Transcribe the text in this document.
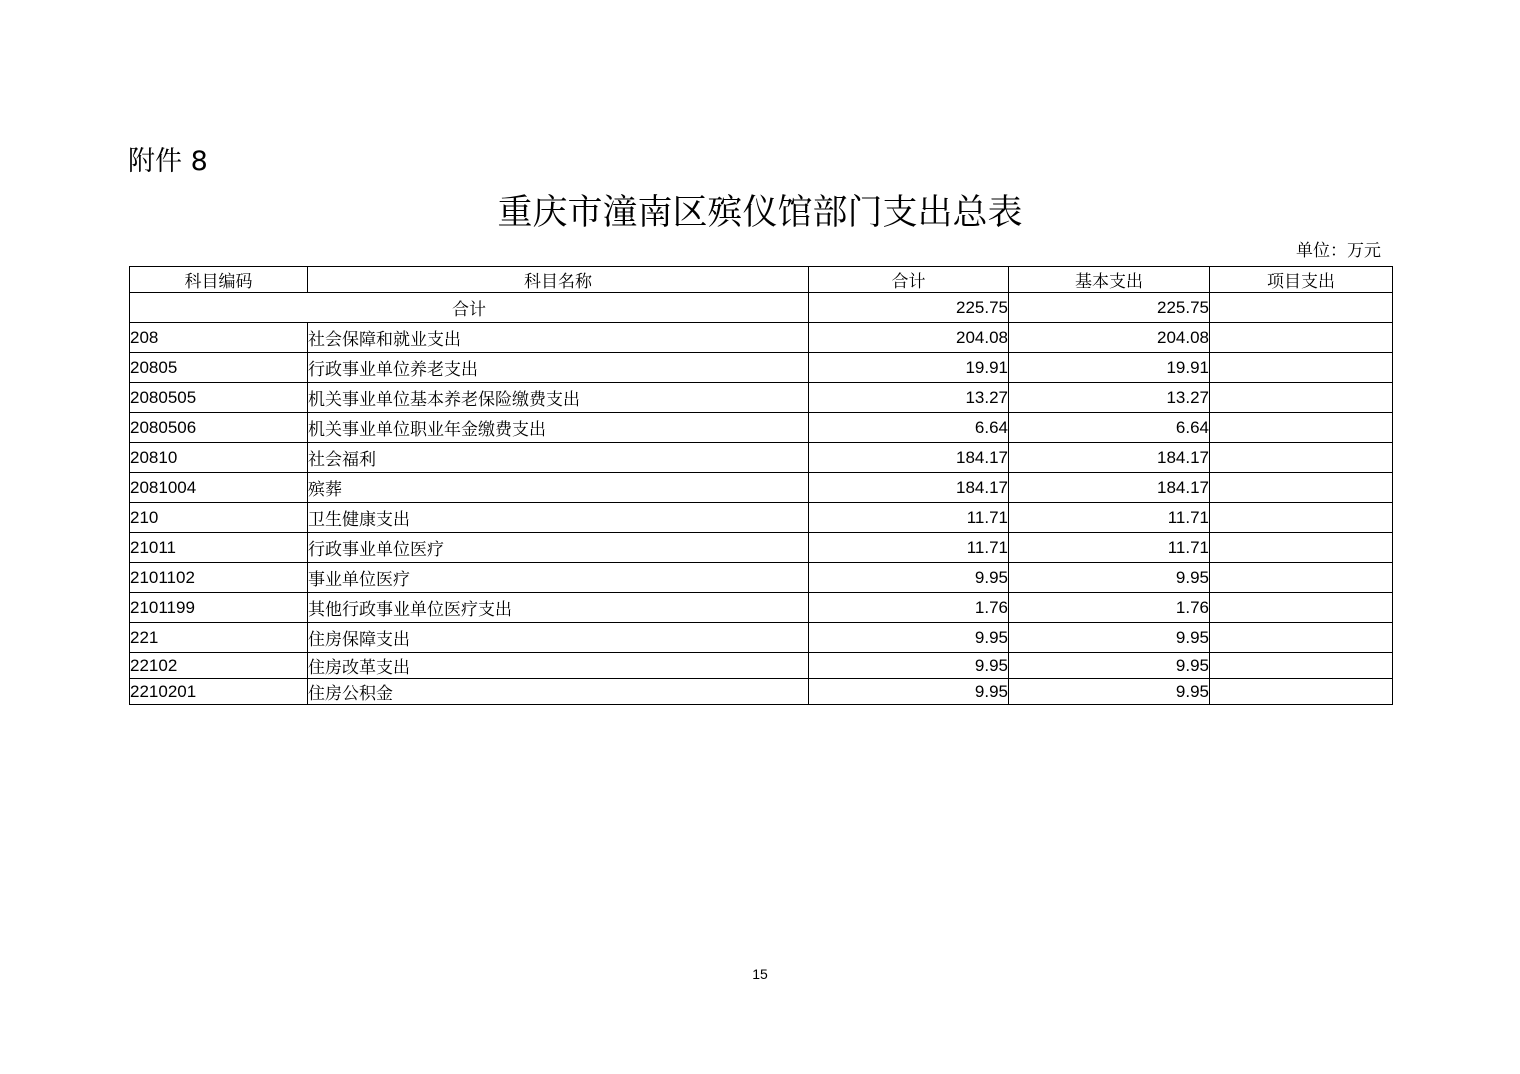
附件 8
重庆市潼南区殡仪馆部门支出总表
单位：万元
科目编码	科目名称	合计	基本支出	项目支出
合计		225.75	225.75	
208	社会保障和就业支出	204.08	204.08	
20805	行政事业单位养老支出	19.91	19.91	
2080505	机关事业单位基本养老保险缴费支出	13.27	13.27	
2080506	机关事业单位职业年金缴费支出	6.64	6.64	
20810	社会福利	184.17	184.17	
2081004	殡葬	184.17	184.17	
210	卫生健康支出	11.71	11.71	
21011	行政事业单位医疗	11.71	11.71	
2101102	事业单位医疗	9.95	9.95	
2101199	其他行政事业单位医疗支出	1.76	1.76	
221	住房保障支出	9.95	9.95	
22102	住房改革支出	9.95	9.95	
2210201	住房公积金	9.95	9.95	
15
